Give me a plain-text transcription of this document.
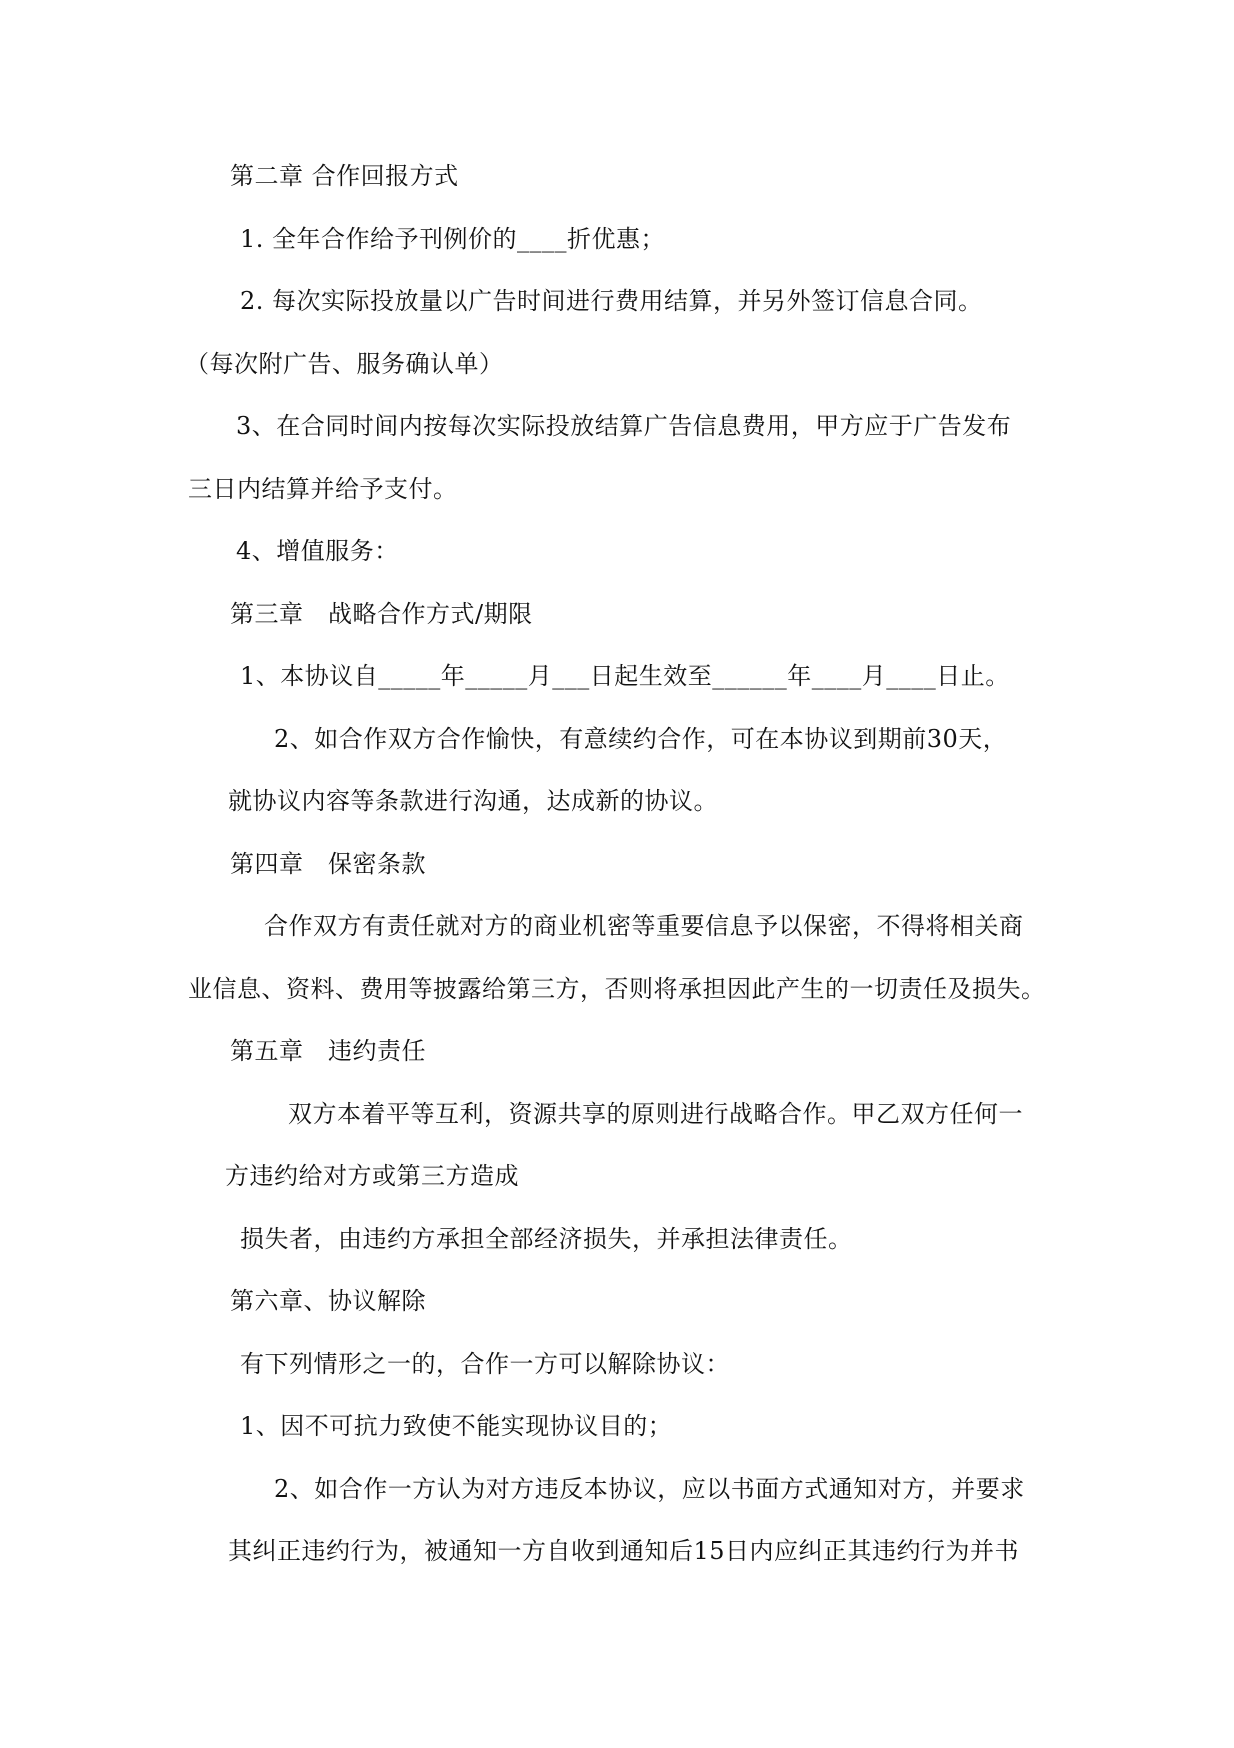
第二章 合作回报方式
1. 全年合作给予刊例价的____折优惠；
2. 每次实际投放量以广告时间进行费用结算，并另外签订信息合同。
（每次附广告、服务确认单）
3、在合同时间内按每次实际投放结算广告信息费用，甲方应于广告发布
三日内结算并给予支付。
4、增值服务：
第三章　战略合作方式/期限
1、本协议自_____年_____月___日起生效至______年____月____日止。
2、如合作双方合作愉快，有意续约合作，可在本协议到期前30天，
就协议内容等条款进行沟通，达成新的协议。
第四章　保密条款
合作双方有责任就对方的商业机密等重要信息予以保密，不得将相关商
业信息、资料、费用等披露给第三方，否则将承担因此产生的一切责任及损失。
第五章　违约责任
双方本着平等互利，资源共享的原则进行战略合作。甲乙双方任何一
方违约给对方或第三方造成
损失者，由违约方承担全部经济损失，并承担法律责任。
第六章、协议解除
有下列情形之一的，合作一方可以解除协议：
1、因不可抗力致使不能实现协议目的；
2、如合作一方认为对方违反本协议，应以书面方式通知对方，并要求
其纠正违约行为，被通知一方自收到通知后15日内应纠正其违约行为并书
